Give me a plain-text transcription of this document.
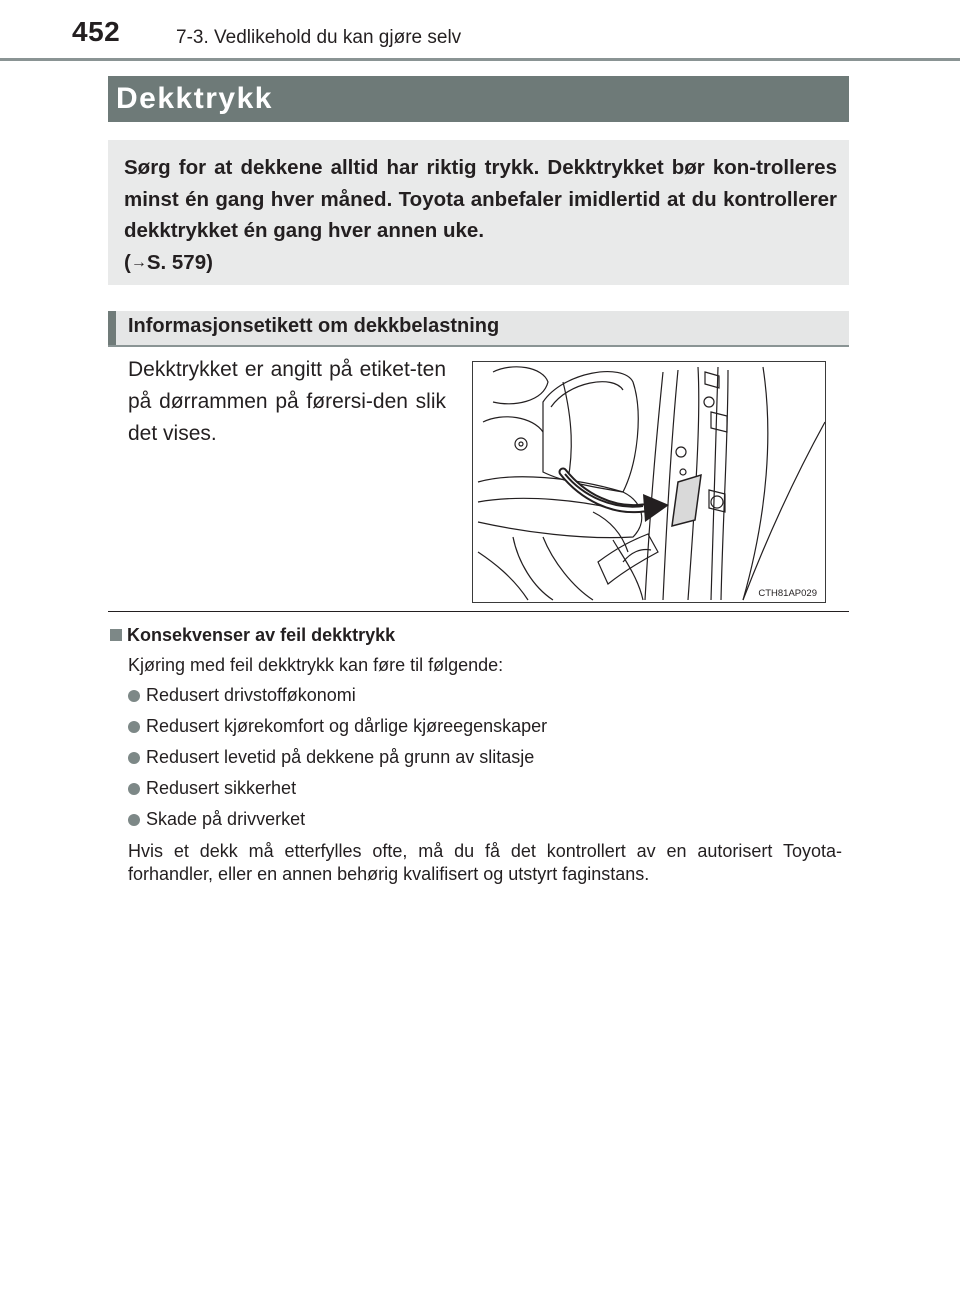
452	7-3. Vedlikehold du kan gjøre selv
Dekktrykk
Sørg for at dekkene alltid har riktig trykk. Dekktrykket bør kon-trolleres minst én gang hver måned. Toyota anbefaler imidlertid at du kontrollerer dekktrykket én gang hver annen uke.
(→S. 579)
Informasjonsetikett om dekkbelastning
Dekktrykket er angitt på etiket-ten på dørrammen på førersi-den slik det vises.
CTH81AP029
Konsekvenser av feil dekktrykk
Kjøring med feil dekktrykk kan føre til følgende:
Redusert drivstofføkonomi
Redusert kjørekomfort og dårlige kjøreegenskaper
Redusert levetid på dekkene på grunn av slitasje
Redusert sikkerhet
Skade på drivverket
Hvis et dekk må etterfylles ofte, må du få det kontrollert av en autorisert Toyota-forhandler, eller en annen behørig kvalifisert og utstyrt faginstans.
